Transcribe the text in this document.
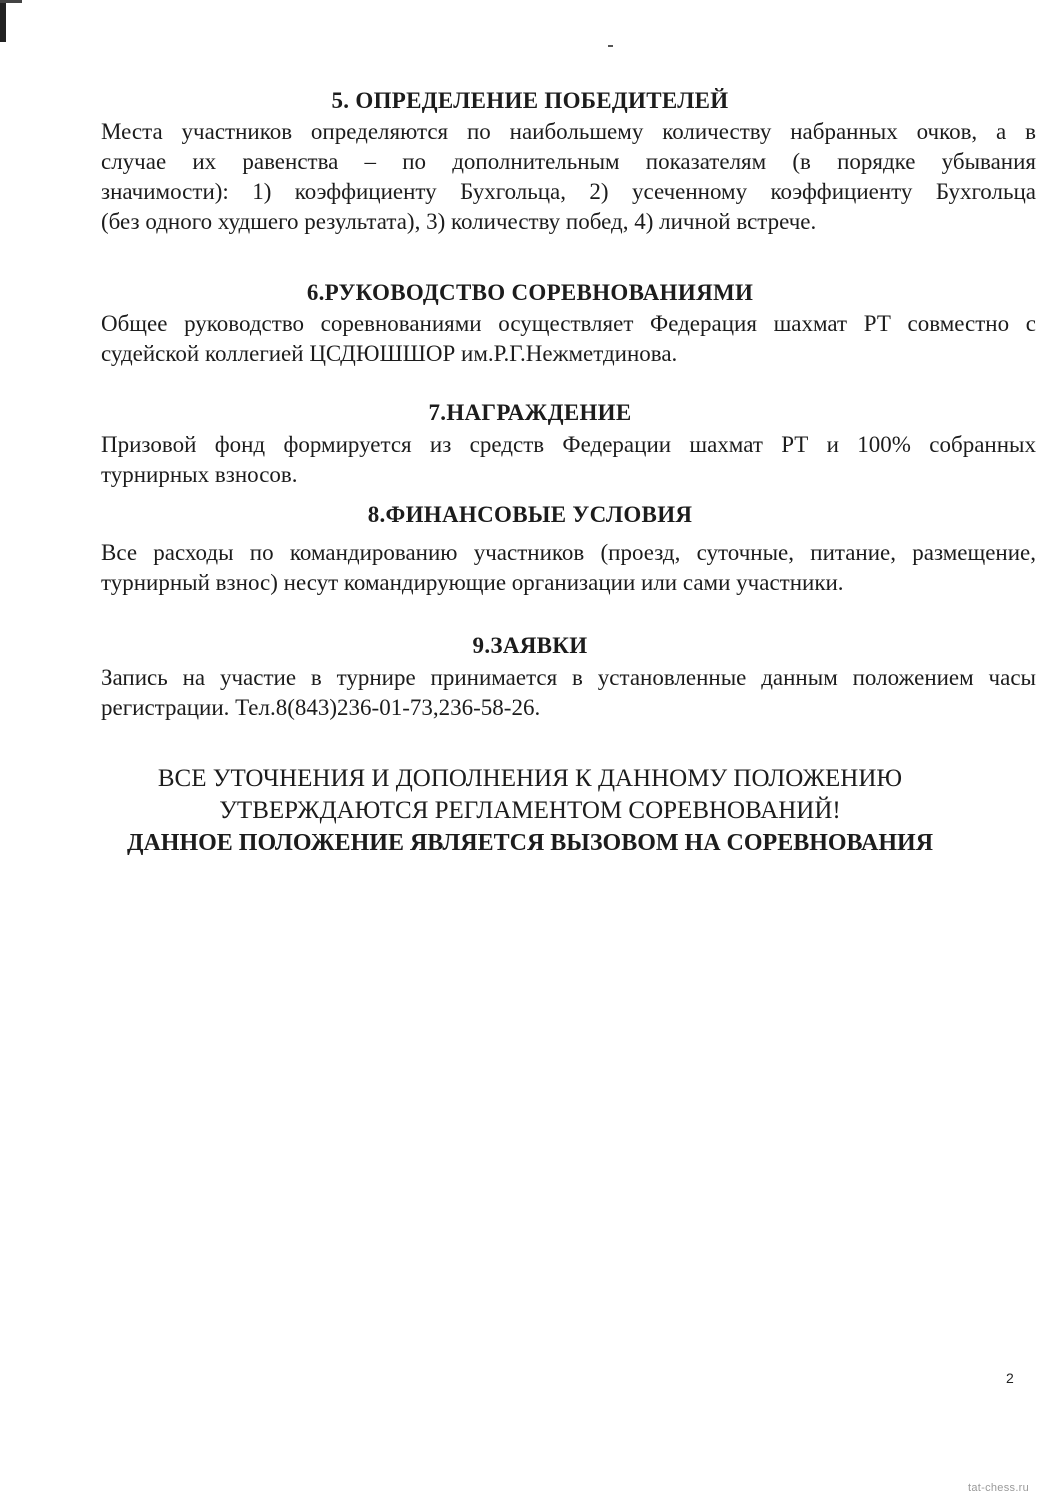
5. ОПРЕДЕЛЕНИЕ ПОБЕДИТЕЛЕЙ
Места участников определяются по наибольшему количеству набранных очков, а в
случае их равенства – по дополнительным показателям (в порядке убывания
значимости): 1) коэффициенту Бухгольца, 2) усеченному коэффициенту Бухгольца
(без одного худшего результата), 3) количеству побед, 4) личной встрече.
6.РУКОВОДСТВО СОРЕВНОВАНИЯМИ
Общее руководство соревнованиями осуществляет Федерация шахмат РТ совместно с
судейской коллегией ЦСДЮШШОР им.Р.Г.Нежметдинова.
7.НАГРАЖДЕНИЕ
Призовой фонд формируется из средств Федерации шахмат РТ и 100% собранных
турнирных взносов.
8.ФИНАНСОВЫЕ УСЛОВИЯ
Все расходы по командированию участников (проезд, суточные, питание, размещение,
турнирный взнос) несут командирующие организации или сами участники.
9.ЗАЯВКИ
Запись на участие в турнире принимается в установленные данным положением часы
регистрации. Тел.8(843)236-01-73,236-58-26.
ВСЕ УТОЧНЕНИЯ И ДОПОЛНЕНИЯ К ДАННОМУ ПОЛОЖЕНИЮ
УТВЕРЖДАЮТСЯ РЕГЛАМЕНТОМ СОРЕВНОВАНИЙ!
ДАННОЕ ПОЛОЖЕНИЕ ЯВЛЯЕТСЯ ВЫЗОВОМ НА СОРЕВНОВАНИЯ
2
tat-chess.ru
